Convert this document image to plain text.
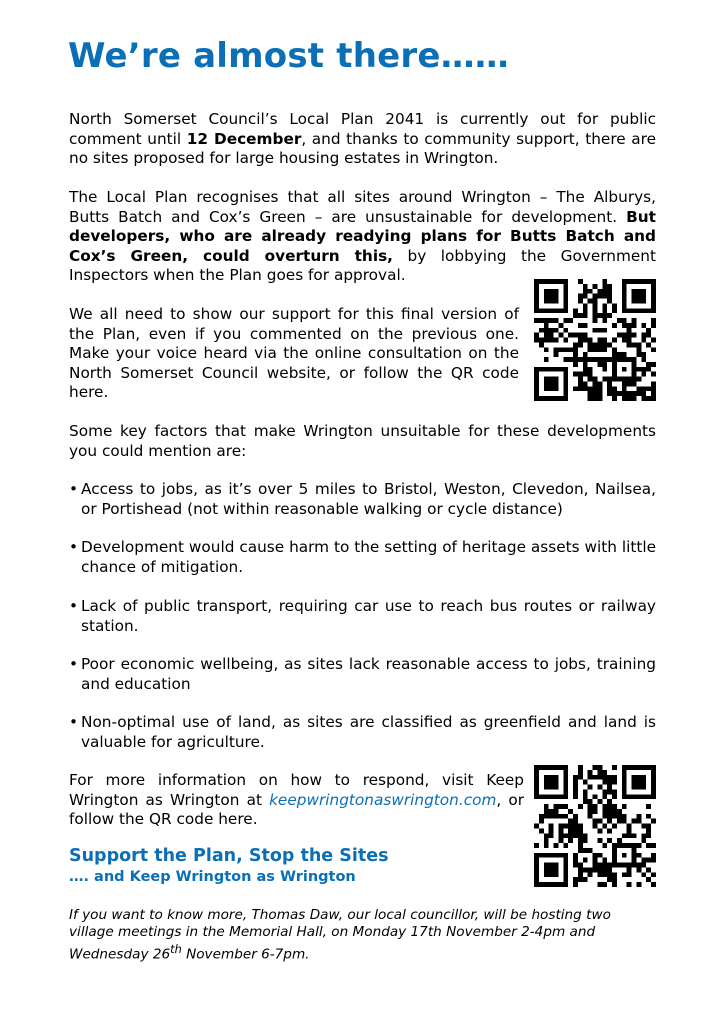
We’re almost there……

North Somerset Council’s Local Plan 2041 is currently out for public comment until 12 December, and thanks to community support, there are no sites proposed for large housing estates in Wrington.

The Local Plan recognises that all sites around Wrington – The Alburys, Butts Batch and Cox’s Green – are unsustainable for development. But developers, who are already readying plans for Butts Batch and Cox’s Green, could overturn this, by lobbying the Government Inspectors when the Plan goes for approval.

We all need to show our support for this final version of the Plan, even if you commented on the previous one. Make your voice heard via the online consultation on the North Somerset Council website, or follow the QR code here.

Some key factors that make Wrington unsuitable for these developments you could mention are:

• Access to jobs, as it’s over 5 miles to Bristol, Weston, Clevedon, Nailsea, or Portishead (not within reasonable walking or cycle distance)
• Development would cause harm to the setting of heritage assets with little chance of mitigation.
• Lack of public transport, requiring car use to reach bus routes or railway station.
• Poor economic wellbeing, as sites lack reasonable access to jobs, training and education
• Non-optimal use of land, as sites are classified as greenfield and land is valuable for agriculture.

For more information on how to respond, visit Keep Wrington as Wrington at keepwringtonaswrington.com, or follow the QR code here.

Support the Plan, Stop the Sites
…. and Keep Wrington as Wrington

If you want to know more, Thomas Daw, our local councillor, will be hosting two village meetings in the Memorial Hall, on Monday 17th November 2-4pm and Wednesday 26th November 6-7pm.
